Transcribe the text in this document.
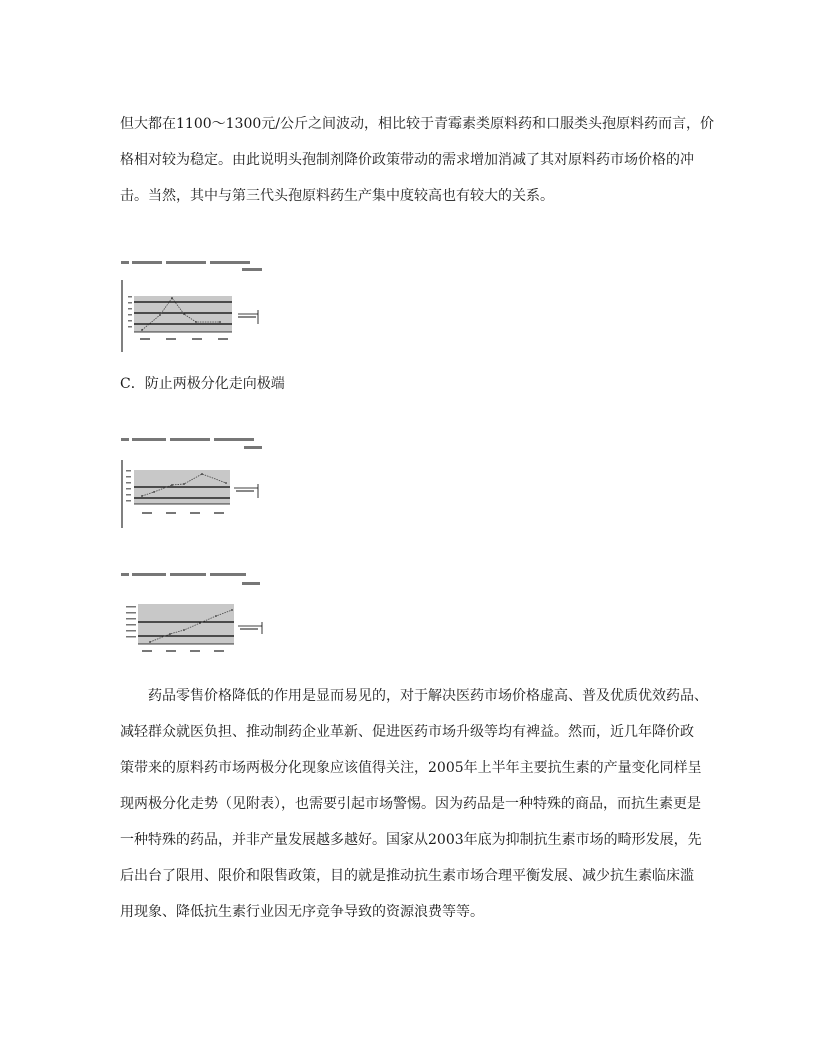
但大都在1100～1300元/公斤之间波动，相比较于青霉素类原料药和口服类头孢原料药而言，价
格相对较为稳定。由此说明头孢制剂降价政策带动的需求增加消减了其对原料药市场价格的冲
击。当然，其中与第三代头孢原料药生产集中度较高也有较大的关系。

C．防止两极分化走向极端

　　药品零售价格降低的作用是显而易见的，对于解决医药市场价格虚高、普及优质优效药品、
减轻群众就医负担、推动制药企业革新、促进医药市场升级等均有裨益。然而，近几年降价政
策带来的原料药市场两极分化现象应该值得关注，2005年上半年主要抗生素的产量变化同样呈
现两极分化走势（见附表），也需要引起市场警惕。因为药品是一种特殊的商品，而抗生素更是
一种特殊的药品，并非产量发展越多越好。国家从2003年底为抑制抗生素市场的畸形发展，先
后出台了限用、限价和限售政策，目的就是推动抗生素市场合理平衡发展、减少抗生素临床滥
用现象、降低抗生素行业因无序竞争导致的资源浪费等等。
